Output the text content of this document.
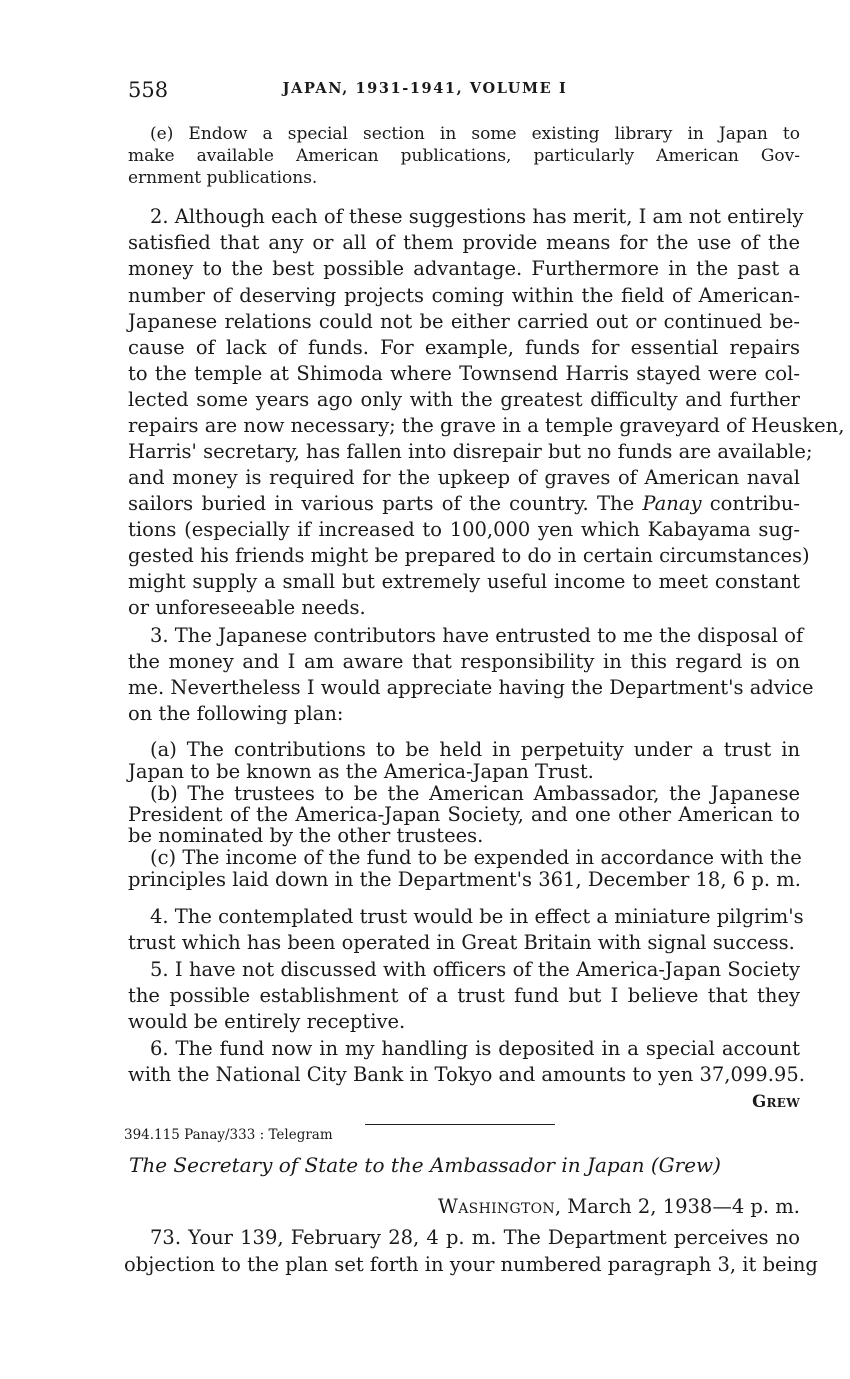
558	JAPAN, 1931-1941, VOLUME I
(e) Endow a special section in some existing library in Japan to
make available American publications, particularly American Gov-
ernment publications.
2. Although each of these suggestions has merit, I am not entirely
satisfied that any or all of them provide means for the use of the
money to the best possible advantage. Furthermore in the past a
number of deserving projects coming within the field of American-
Japanese relations could not be either carried out or continued be-
cause of lack of funds. For example, funds for essential repairs
to the temple at Shimoda where Townsend Harris stayed were col-
lected some years ago only with the greatest difficulty and further
repairs are now necessary; the grave in a temple graveyard of Heusken,
Harris' secretary, has fallen into disrepair but no funds are available;
and money is required for the upkeep of graves of American naval
sailors buried in various parts of the country. The Panay contribu-
tions (especially if increased to 100,000 yen which Kabayama sug-
gested his friends might be prepared to do in certain circumstances)
might supply a small but extremely useful income to meet constant
or unforeseeable needs.
3. The Japanese contributors have entrusted to me the disposal of
the money and I am aware that responsibility in this regard is on
me. Nevertheless I would appreciate having the Department's advice
on the following plan:
(a) The contributions to be held in perpetuity under a trust in
Japan to be known as the America-Japan Trust.
(b) The trustees to be the American Ambassador, the Japanese
President of the America-Japan Society, and one other American to
be nominated by the other trustees.
(c) The income of the fund to be expended in accordance with the
principles laid down in the Department's 361, December 18, 6 p. m.
4. The contemplated trust would be in effect a miniature pilgrim's
trust which has been operated in Great Britain with signal success.
5. I have not discussed with officers of the America-Japan Society
the possible establishment of a trust fund but I believe that they
would be entirely receptive.
6. The fund now in my handling is deposited in a special account
with the National City Bank in Tokyo and amounts to yen 37,099.95.
Grew
394.115 Panay/333 : Telegram
The Secretary of State to the Ambassador in Japan (Grew)
Washington, March 2, 1938—4 p. m.
73. Your 139, February 28, 4 p. m. The Department perceives no
objection to the plan set forth in your numbered paragraph 3, it being
